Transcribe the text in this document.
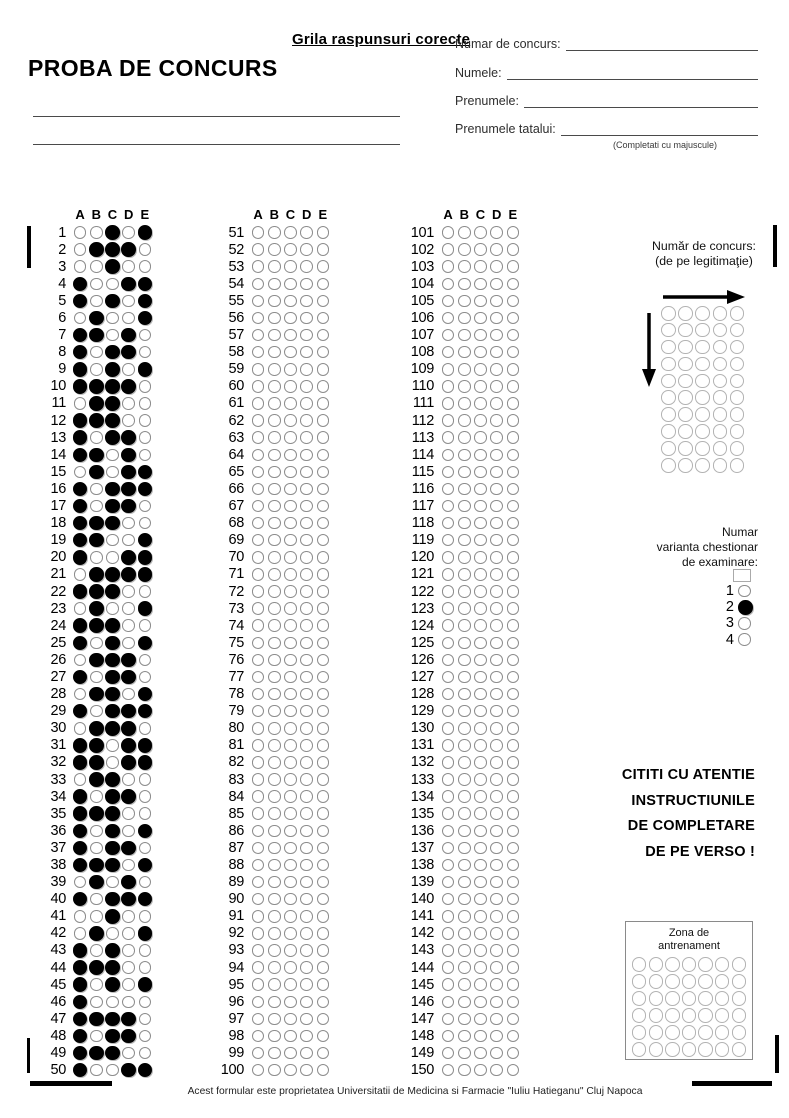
Grila raspunsuri corecte
PROBA DE CONCURS
Numar de concurs:
Numele:
Prenumele:
Prenumele tatalui:
(Completati cu majuscule)
A B C D E
1
2
3
4
5
6
7
8
9
10
11
12
13
14
15
16
17
18
19
20
21
22
23
24
25
26
27
28
29
30
31
32
33
34
35
36
37
38
39
40
41
42
43
44
45
46
47
48
49
50
A B C D E
51
52
53
54
55
56
57
58
59
60
61
62
63
64
65
66
67
68
69
70
71
72
73
74
75
76
77
78
79
80
81
82
83
84
85
86
87
88
89
90
91
92
93
94
95
96
97
98
99
100
A B C D E
101
102
103
104
105
106
107
108
109
110
111
112
113
114
115
116
117
118
119
120
121
122
123
124
125
126
127
128
129
130
131
132
133
134
135
136
137
138
139
140
141
142
143
144
145
146
147
148
149
150
Număr de concurs:
(de pe legitimaţie)
Numar
varianta chestionar
de examinare:
1
2
3
4
CITITI CU ATENTIE
INSTRUCTIUNILE
DE COMPLETARE
DE PE VERSO !
Zona de
antrenament
Acest formular este proprietatea Universitatii de Medicina si Farmacie "Iuliu Hatieganu" Cluj Napoca
